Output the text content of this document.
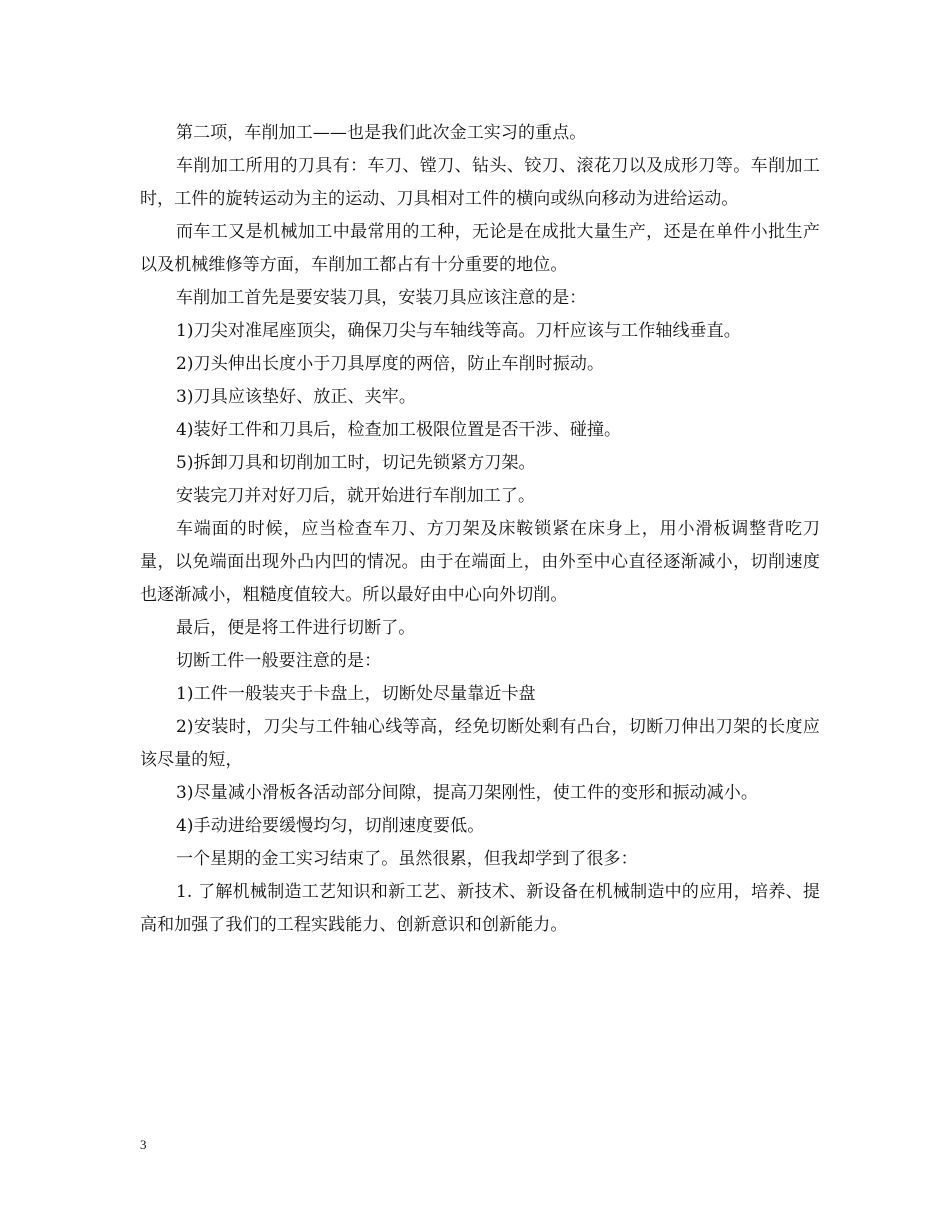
第二项，车削加工——也是我们此次金工实习的重点。

车削加工所用的刀具有：车刀、镗刀、钻头、铰刀、滚花刀以及成形刀等。车削加工时，工件的旋转运动为主的运动、刀具相对工件的横向或纵向移动为进给运动。

而车工又是机械加工中最常用的工种，无论是在成批大量生产，还是在单件小批生产以及机械维修等方面，车削加工都占有十分重要的地位。

车削加工首先是要安装刀具，安装刀具应该注意的是：

1)刀尖对准尾座顶尖，确保刀尖与车轴线等高。刀杆应该与工作轴线垂直。

2)刀头伸出长度小于刀具厚度的两倍，防止车削时振动。

3)刀具应该垫好、放正、夹牢。

4)装好工件和刀具后，检查加工极限位置是否干涉、碰撞。

5)拆卸刀具和切削加工时，切记先锁紧方刀架。

安装完刀并对好刀后，就开始进行车削加工了。

车端面的时候，应当检查车刀、方刀架及床鞍锁紧在床身上，用小滑板调整背吃刀量，以免端面出现外凸内凹的情况。由于在端面上，由外至中心直径逐渐减小，切削速度也逐渐减小，粗糙度值较大。所以最好由中心向外切削。

最后，便是将工件进行切断了。

切断工件一般要注意的是：

1)工件一般装夹于卡盘上，切断处尽量靠近卡盘

2)安装时，刀尖与工件轴心线等高，经免切断处剩有凸台，切断刀伸出刀架的长度应该尽量的短，

3)尽量减小滑板各活动部分间隙，提高刀架刚性，使工件的变形和振动减小。

4)手动进给要缓慢均匀，切削速度要低。

一个星期的金工实习结束了。虽然很累，但我却学到了很多：

1. 了解机械制造工艺知识和新工艺、新技术、新设备在机械制造中的应用，培养、提高和加强了我们的工程实践能力、创新意识和创新能力。

3
